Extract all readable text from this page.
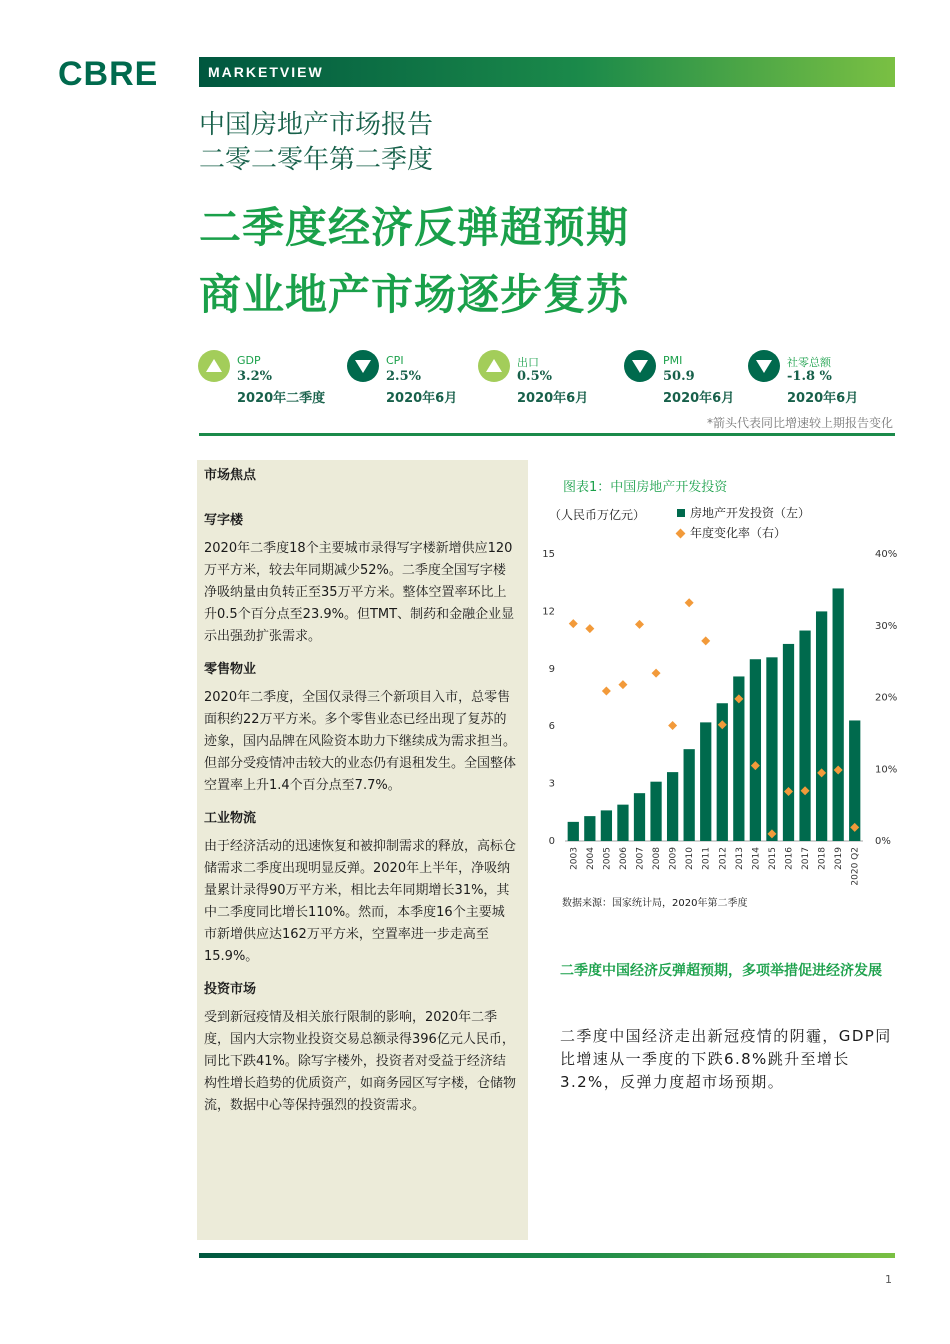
CBRE	MARKETVIEW
中国房地产市场报告
二零二零年第二季度
二季度经济反弹超预期
商业地产市场逐步复苏
GDP
3.2%
2020年二季度
CPI
2.5%
2020年6月
出口
0.5%
2020年6月
PMI
50.9
2020年6月
社零总额
-1.8 %
2020年6月
*箭头代表同比增速较上期报告变化
市场焦点
写字楼
2020年二季度18个主要城市录得写字楼新增供应120万平方米，较去年同期减少52%。二季度全国写字楼净吸纳量由负转正至35万平方米。整体空置率环比上升0.5个百分点至23.9%。但TMT、制药和金融企业显示出强劲扩张需求。
零售物业
2020年二季度，全国仅录得三个新项目入市，总零售面积约22万平方米。多个零售业态已经出现了复苏的迹象，国内品牌在风险资本助力下继续成为需求担当。但部分受疫情冲击较大的业态仍有退租发生。全国整体空置率上升1.4个百分点至7.7%。
工业物流
由于经济活动的迅速恢复和被抑制需求的释放，高标仓储需求二季度出现明显反弹。2020年上半年，净吸纳量累计录得90万平方米，相比去年同期增长31%，其中二季度同比增长110%。然而，本季度16个主要城市新增供应达162万平方米，空置率进一步走高至15.9%。
投资市场
受到新冠疫情及相关旅行限制的影响，2020年二季度，国内大宗物业投资交易总额录得396亿元人民币，同比下跌41%。除写字楼外，投资者对受益于经济结构性增长趋势的优质资产，如商务园区写字楼，仓储物流，数据中心等保持强烈的投资需求。
图表1：中国房地产开发投资
（人民币万亿元）	房地产开发投资（左）
年度变化率（右）
0
3
6
9
12
15
0%
10%
20%
30%
40%
2003 2004 2005 2006 2007 2008 2009 2010 2011 2012 2013 2014 2015 2016 2017 2018 2019 2020 Q2
数据来源：国家统计局，2020年第二季度
二季度中国经济反弹超预期，多项举措促进经济发展
二季度中国经济走出新冠疫情的阴霾，GDP同比增速从一季度的下跌6.8%跳升至增长3.2%，反弹力度超市场预期。
1
